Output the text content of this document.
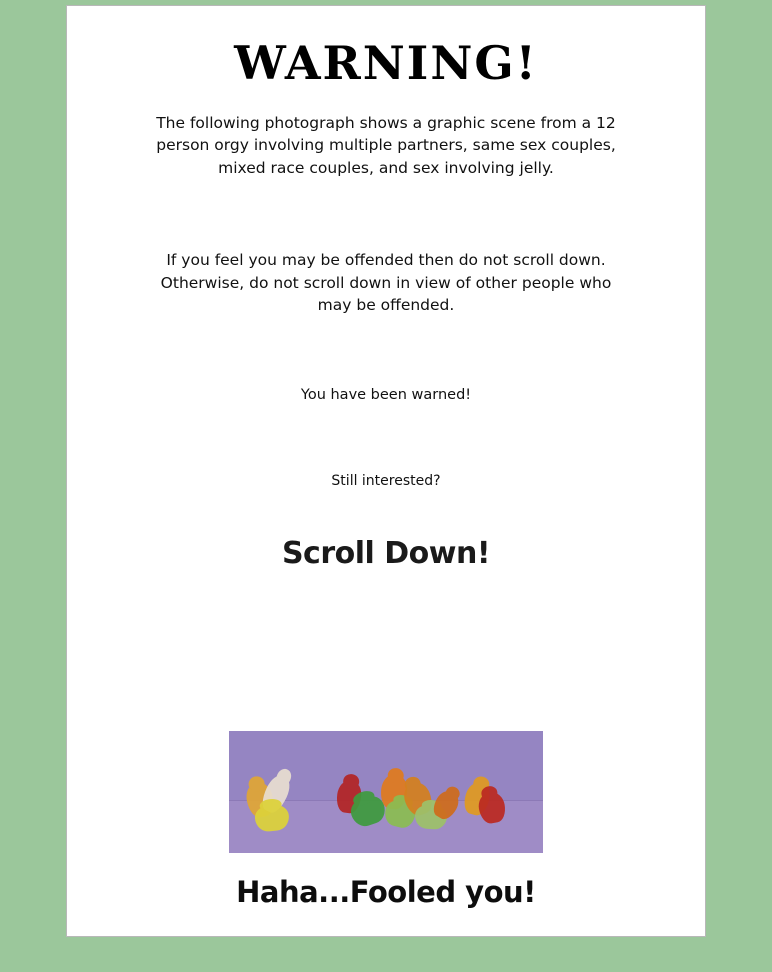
WARNING!
The following photograph shows a graphic scene from a 12 person orgy involving multiple partners, same sex couples, mixed race couples, and sex involving jelly.
If you feel you may be offended then do not scroll down. Otherwise, do not scroll down in view of other people who may be offended.
You have been warned!
Still interested?
Scroll Down!
Haha...Fooled you!
